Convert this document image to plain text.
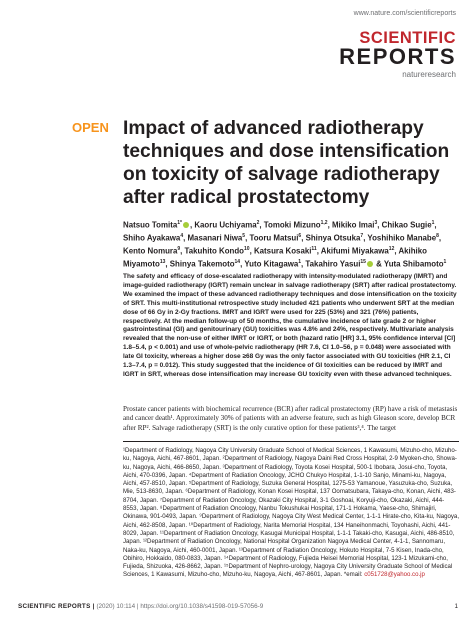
www.nature.com/scientificreports
SCIENTIFIC
REPORTS
natureresearch
OPEN Impact of advanced radiotherapy techniques and dose intensification on toxicity of salvage radiotherapy after radical prostatectomy
Natsuo Tomita$^{1*}$ , Kaoru Uchiyama$^2$, Tomoki Mizuno$^{1,2}$, Mikiko Imai$^3$, Chikao Sugie$^1$, Shiho Ayakawa$^4$, Masanari Niwa$^5$, Tooru Matsui$^6$, Shinya Otsuka$^7$, Yoshihiko Manabe$^8$, Kento Nomura$^9$, Takuhito Kondo$^{10}$, Katsura Kosaki$^{11}$, Akifumi Miyakawa$^{12}$, Akihiko Miyamoto$^{13}$, Shinya Takemoto$^{14}$, Yuto Kitagawa$^1$, Takahiro Yasui$^{15}$ & Yuta Shibamoto$^1$
The safety and efficacy of dose-escalated radiotherapy with intensity-modulated radiotherapy (IMRT) and image-guided radiotherapy (IGRT) remain unclear in salvage radiotherapy (SRT) after radical prostatectomy. We examined the impact of these advanced radiotherapy techniques and dose intensification on the toxicity of SRT. This multi-institutional retrospective study included 421 patients who underwent SRT at the median dose of 66 Gy in 2-Gy fractions. IMRT and IGRT were used for 225 (53%) and 321 (76%) patients, respectively. At the median follow-up of 50 months, the cumulative incidence of late grade 2 or higher gastrointestinal (GI) and genitourinary (GU) toxicities was 4.8% and 24%, respectively. Multivariate analysis revealed that the non-use of either IMRT or IGRT, or both (hazard ratio [HR] 3.1, 95% confidence interval [CI] 1.8–5.4, p < 0.001) and use of whole-pelvic radiotherapy (HR 7.6, CI 1.0–56, p = 0.048) were associated with late GI toxicity, whereas a higher dose ≥68 Gy was the only factor associated with GU toxicities (HR 2.1, CI 1.3–7.4, p = 0.012). This study suggested that the incidence of GI toxicities can be reduced by IMRT and IGRT in SRT, whereas dose intensification may increase GU toxicity even with these advanced techniques.
Prostate cancer patients with biochemical recurrence (BCR) after radical prostatectomy (RP) have a risk of metastasis and cancer death¹. Approximately 30% of patients with an adverse feature, such as high Gleason score, develop BCR after RP². Salvage radiotherapy (SRT) is the only curative option for these patients³,⁴. The target
¹Department of Radiology, Nagoya City University Graduate School of Medical Sciences, 1 Kawasumi, Mizuho-cho, Mizuho-ku, Nagoya, Aichi, 467-8601, Japan. ²Department of Radiology, Nagoya Daini Red Cross Hospital, 2-9 Myoken-cho, Showa-ku, Nagoya, Aichi, 466-8650, Japan. ³Department of Radiology, Toyota Kosei Hospital, 500-1 Ibobara, Josui-cho, Toyota, Aichi, 470-0396, Japan. ⁴Department of Radiation Oncology, JCHO Chukyo Hospital, 1-1-10 Sanjo, Minami-ku, Nagoya, Aichi, 457-8510, Japan. ⁵Department of Radiology, Suzuka General Hospital, 1275-53 Yamanoue, Yasuzuka-cho, Suzuka, Mie, 513-8630, Japan. ⁶Department of Radiology, Konan Kosei Hospital, 137 Oomatsubara, Takaya-cho, Konan, Aichi, 483-8704, Japan. ⁷Department of Radiation Oncology, Okazaki City Hospital, 3-1 Goshoai, Koryuji-cho, Okazaki, Aichi, 444-8553, Japan. ⁸Department of Radiation Oncology, Nanbu Tokushukai Hospital, 171-1 Hokama, Yaese-cho, Shimajiri, Okinawa, 901-0493, Japan. ⁹Department of Radiology, Nagoya City West Medical Center, 1-1-1 Hirate-cho, Kita-ku, Nagoya, Aichi, 462-8508, Japan. ¹⁰Department of Radiology, Narita Memorial Hospital, 134 Haneihonmachi, Toyohashi, Aichi, 441-8029, Japan. ¹¹Department of Radiation Oncology, Kasugai Municipal Hospital, 1-1-1 Takaki-cho, Kasugai, Aichi, 486-8510, Japan. ¹²Department of Radiation Oncology, National Hospital Organization Nagoya Medical Center, 4-1-1, Sannomaru, Naka-ku, Nagoya, Aichi, 460-0001, Japan. ¹³Department of Radiation Oncology, Hokuto Hospital, 7-5 Kisen, Inada-cho, Obihiro, Hokkaido, 080-0833, Japan. ¹⁴Department of Radiology, Fujieda Heisei Memorial Hospital, 123-1 Mizukami-cho, Fujieda, Shizuoka, 426-8662, Japan. ¹⁵Department of Nephro-urology, Nagoya City University Graduate School of Medical Sciences, 1 Kawasumi, Mizuho-cho, Mizuho-ku, Nagoya, Aichi, 467-8601, Japan. *email: c051728@yahoo.co.jp
SCIENTIFIC REPORTS | (2020) 10:114 | https://doi.org/10.1038/s41598-019-57056-9	1
